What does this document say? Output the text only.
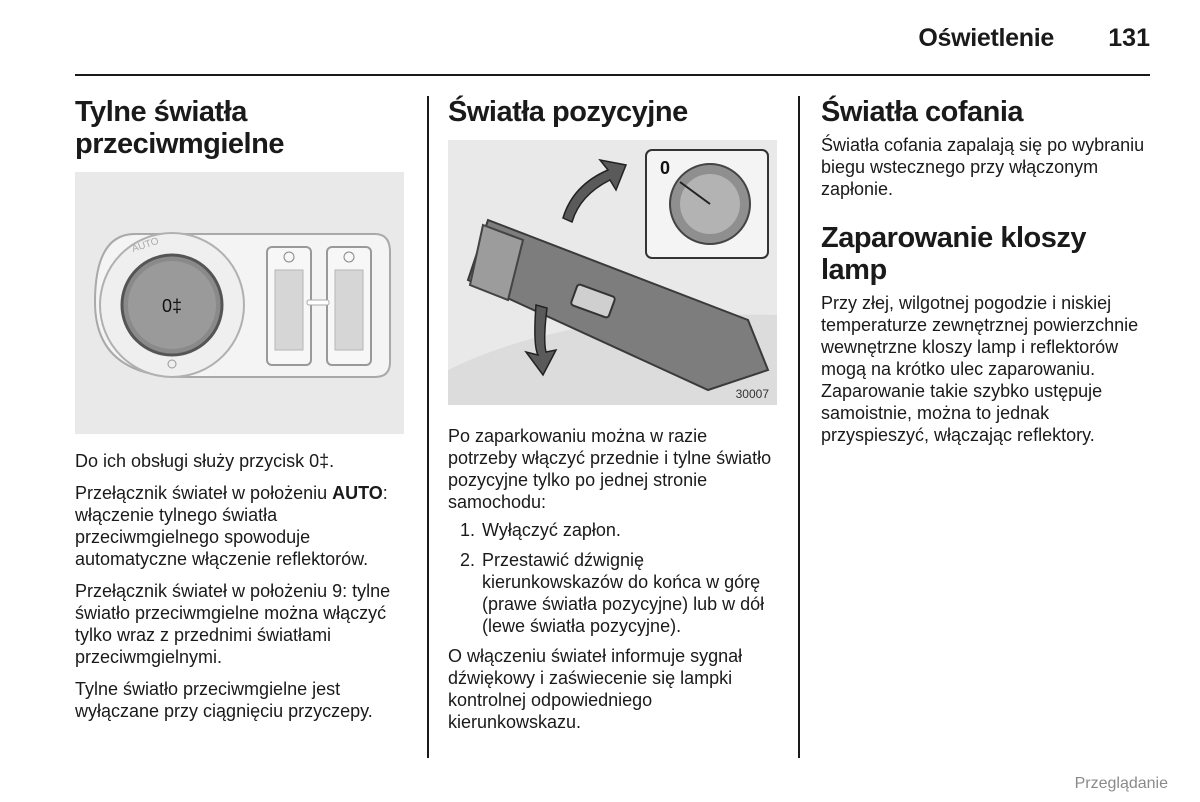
Oświetlenie	131
Tylne światła przeciwmgielne
0‡
AUTO

Do ich obsługi służy przycisk 0‡.

Przełącznik świateł w położeniu AUTO: włączenie tylnego światła przeciwmgielnego spowoduje automatyczne włączenie reflektorów.

Przełącznik świateł w położeniu 9: tylne światło przeciwmgielne można włączyć tylko wraz z przednimi światłami przeciwmgielnymi.

Tylne światło przeciwmgielne jest wyłączane przy ciągnięciu przyczepy.

Światła pozycyjne
0
30007

Po zaparkowaniu można w razie potrzeby włączyć przednie i tylne światło pozycyjne tylko po jednej stronie samochodu:

1. Wyłączyć zapłon.
2. Przestawić dźwignię kierunkowskazów do końca w górę (prawe światła pozycyjne) lub w dół (lewe światła pozycyjne).

O włączeniu świateł informuje sygnał dźwiękowy i zaświecenie się lampki kontrolnej odpowiedniego kierunkowskazu.

Światła cofania

Światła cofania zapalają się po wybraniu biegu wstecznego przy włączonym zapłonie.

Zaparowanie kloszy lamp

Przy złej, wilgotnej pogodzie i niskiej temperaturze zewnętrznej powierzchnie wewnętrzne kloszy lamp i reflektorów mogą na krótko ulec zaparowaniu. Zaparowanie takie szybko ustępuje samoistnie, można to jednak przyspieszyć, włączając reflektory.

Przeglądanie
